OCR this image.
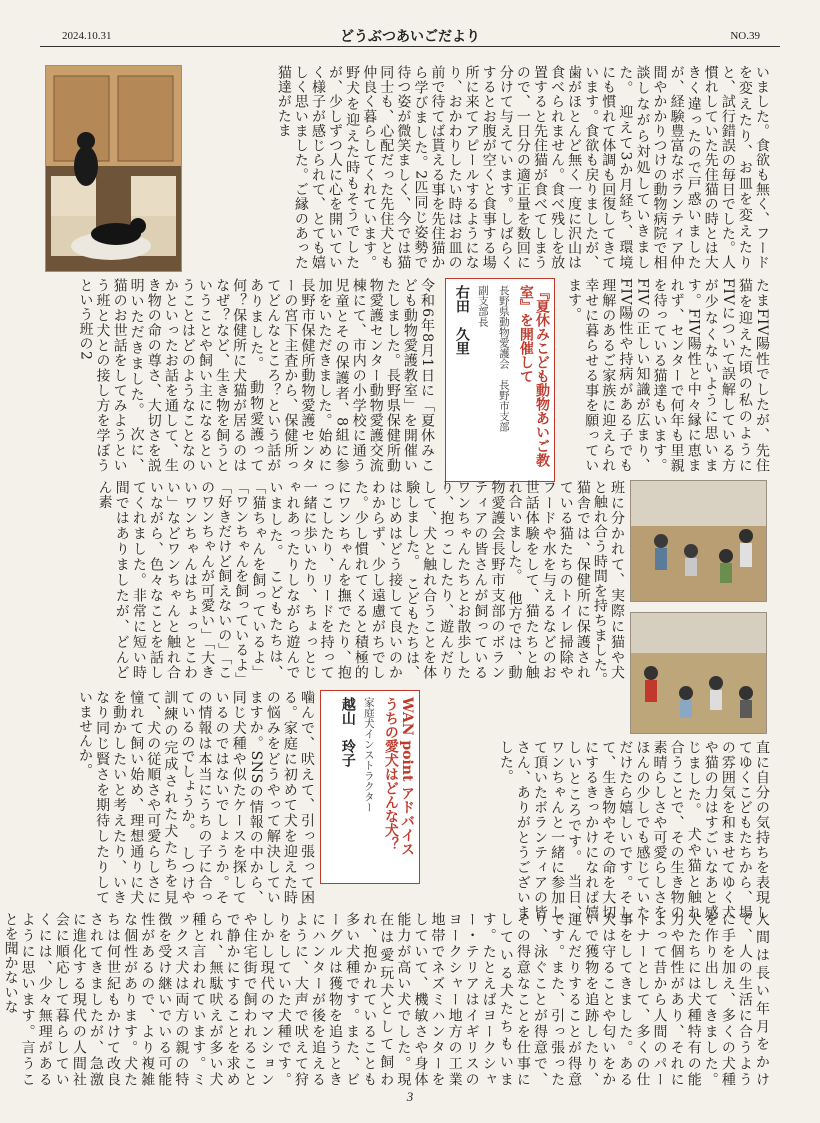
2024.10.31	どうぶつあいごだより	NO.39

いました。食欲も無く、フードを変えたり、お皿を変えたりと、試行錯誤の毎日でした。人慣れしていた先住猫の時とは大きく違ったので戸惑いましたが、経験豊富なボランティア仲間やかかりつけの動物病院で相談しながら対処していきました。　迎えて3か月経ち、環境にも慣れて体調も回復してきています。食欲も戻りましたが、歯がほとんど無く一度に沢山は食べられません。食べ残しを放置すると先住猫が食べてしまうので、一日分の適正量を数回に分けて与えています。しばらくするとお腹が空くと食事する場所に来てアピールするようになり、おかわりしたい時はお皿の前で待てば貰える事を先住猫から学びました。2匹同じ姿勢で待つ姿が微笑ましく、今では猫同士も、心配だった先住犬とも仲良く暮らしてくれています。野犬を迎えた時もそうでしたが、少しずつ人に心を開いていく様子が感じられて、とても嬉しく思いました。ご縁のあった猫達がたま

たまFIV陽性でしたが、先住猫を迎えた頃の私のようにFIVについて誤解している方が少なくないように思います。FIV陽性と中々縁に恵まれず、センターで何年も里親を待っている猫達もいます。FIVの正しい知識が広まり、FIV陽性や持病がある子でも理解のあるご家族に迎えられ幸せに暮らせる事を願っています。

『夏休みこども動物あいご教室』を開催して
長野県動物愛護会　長野市支部
副支部長
右田　久里

令和6年8月1日に「夏休みこども動物愛護教室」を開催いたしました。長野県保健所動物愛護センター動物愛護交流棟にて、市内の小学校に通う児童とその保護者、8組に参加をいただきました。始めに長野市保健所動物愛護センターの宮下主査から、保健所ってどんなところ？という話がありました。　動物愛護って何？保健所に犬猫が居るのはなぜ？など、生き物を飼うということや飼い主になるということはどのようなことなのかといったお話を通して、生き物の命の尊さ、大切さを説明いただきました。　次に、猫のお世話をしてみようという班と犬との接し方を学ぼうという班の2

班に分かれて、実際に猫や犬と触れ合う時間を持ちました。　猫舎では、保健所に保護されている猫たちのトイレ掃除やフードや水を与えるなどのお世話体験をして、猫たちと触れ合いました。　他方では、動物愛護会長野市支部のボランティアの皆さんが飼っているワンちゃんたちとお散歩したり、抱っこしたり、遊んだりして、犬と触れ合うことを体験しました。　こどもたちは、はじめはどう接して良いのかわからず、少し遠慮がちでした。少し慣れてくると積極的にワンちゃんを撫でたり、抱っこしたり、リードを持って一緒に歩いたり、ちょっとじゃれあったりしながら遊んでいました。　こどもたちは、「猫ちゃんを飼っているよ」「ワンちゃんを飼っているよ」「好きだけど飼えないの」「このワンちゃんが可愛い」「大きいワンちゃんはちょっとこわい」などワンちゃんと触れ合いながら、色々なことを話してくれました。非常に短い時間ではありましたが、どんどん素

直に自分の気持ちを表現してゆくこどもたちから、場の雰囲気を和ませてゆく犬や猫の力はすごいなあと感じました。　犬や猫と触れ合うことで、その生き物の素晴らしさや可愛らしさをほんの少しでも感じていただけたら嬉しいです。そして、生き物やその命を大切にするきっかけになれば嬉しいところです。　当日、ワンちゃんと一緒に参加して頂いたボランティアの皆さん、ありがとうございました。

WAN point アドバイス　うちの愛犬はどんな犬？
家庭犬インストラクター
越山　玲子

噛んで、吠えて、引っ張って困る。家庭に初めて犬を迎えた時の悩みをどうやって解決していますか。SNSの情報の中から、同じ犬種や似たケースを探しているのではないでしょうか。その情報は本当にうちの子に合っているのでしょうか。　しつけや訓練の完成された犬たちを見て、犬の従順さや可愛らしさに憧れて飼い始め、理想通りに犬を動かしたいと考えたり、いきなり同じ賢さを期待したりしていませんか。

人間は長い年月をかけて、人の生活に合うように手を加え、多くの犬種を作り出してきました。犬たちには犬種特有の能力や個性があり、それによって昔から人間のパートナーとして、多くの仕事をしてきました。ある犬は守ることや匂いをかいで獲物を追跡したり、運んだりすることが得意です。また、引っ張ったり、泳ぐことが得意で、その得意なことを仕事にしている犬たちもいます。たとえばヨークシャー・テリアはイギリスのヨークシャー地方の工業地帯でネズミハンターをしていて、機敏さや身体能力が高い犬でした。現在は愛玩犬として飼われ、抱かれていることも多い犬種です。また、ビーグルは獲物を追うときにハンターが後を追えるように、大声で吠えて狩りをしていた犬種です。しかし現代のマンションや住宅街で飼われることで静かにすることを求められ、無駄吠えが多い犬種と言われています。ミックス犬は両方の親の特徴を受け継いでいる可能性があるので、より複雑な個性があります。犬たちは何世紀もかけて改良されてきましたが、急激に進化する現代の人間社会に順応して暮らしていくには、少々無理があるように思います。言うことを聞かないな

3
